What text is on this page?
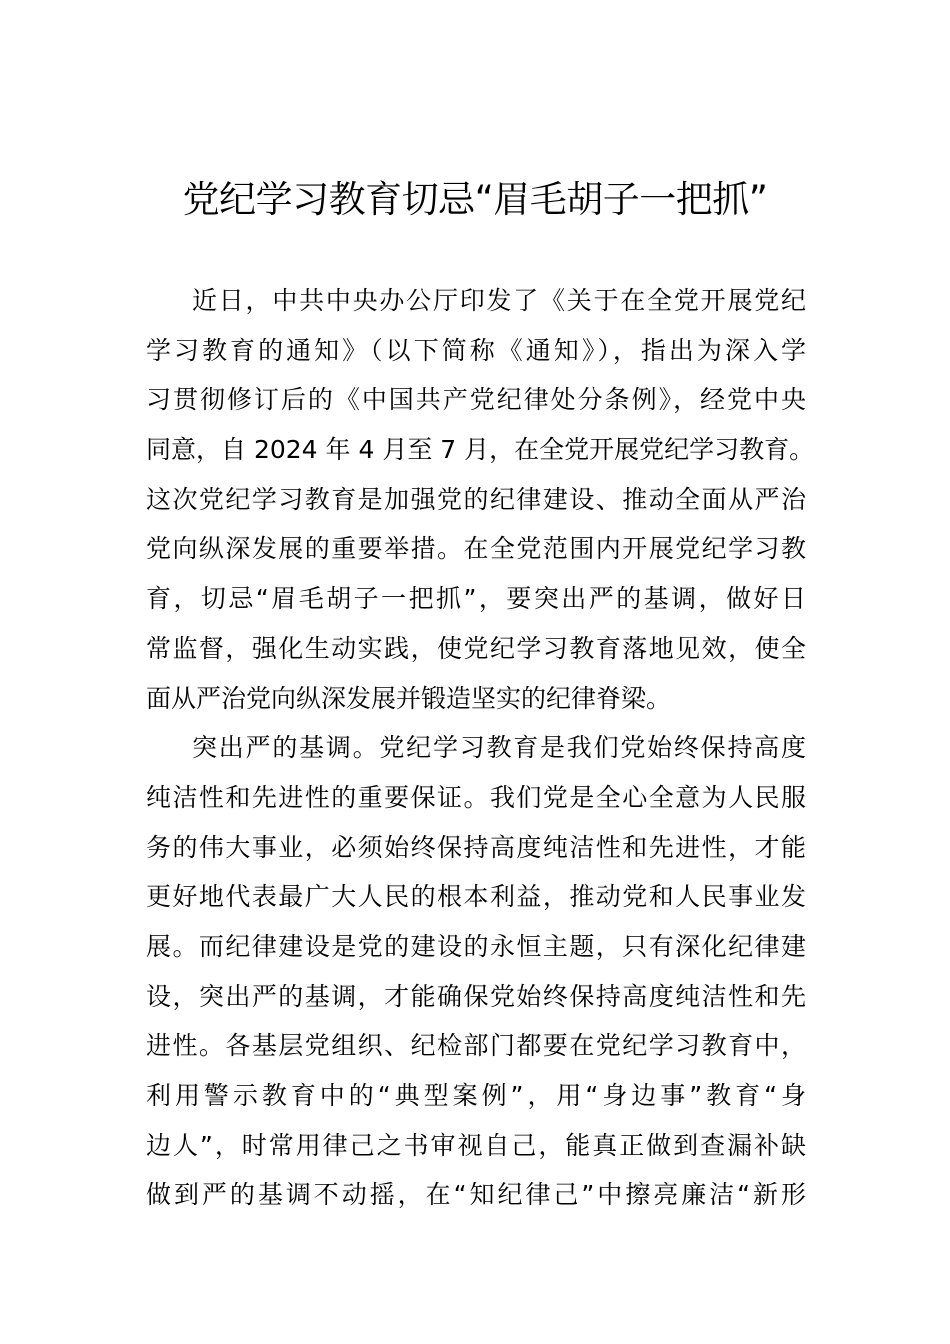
党纪学习教育切忌“眉毛胡子一把抓”
近日，中共中央办公厅印发了《关于在全党开展党纪
学习教育的通知》（以下简称《通知》），指出为深入学
习贯彻修订后的《中国共产党纪律处分条例》，经党中央
同意，自 2024 年 4 月至 7 月，在全党开展党纪学习教育。
这次党纪学习教育是加强党的纪律建设、推动全面从严治
党向纵深发展的重要举措。在全党范围内开展党纪学习教
育，切忌“眉毛胡子一把抓”，要突出严的基调，做好日
常监督，强化生动实践，使党纪学习教育落地见效，使全
面从严治党向纵深发展并锻造坚实的纪律脊梁。
突出严的基调。党纪学习教育是我们党始终保持高度
纯洁性和先进性的重要保证。我们党是全心全意为人民服
务的伟大事业，必须始终保持高度纯洁性和先进性，才能
更好地代表最广大人民的根本利益，推动党和人民事业发
展。而纪律建设是党的建设的永恒主题，只有深化纪律建
设，突出严的基调，才能确保党始终保持高度纯洁性和先
进性。各基层党组织、纪检部门都要在党纪学习教育中，
利用警示教育中的“典型案例”，用“身边事”教育“身
边人”，时常用律己之书审视自己，能真正做到查漏补缺
做到严的基调不动摇，在“知纪律己”中擦亮廉洁“新形
